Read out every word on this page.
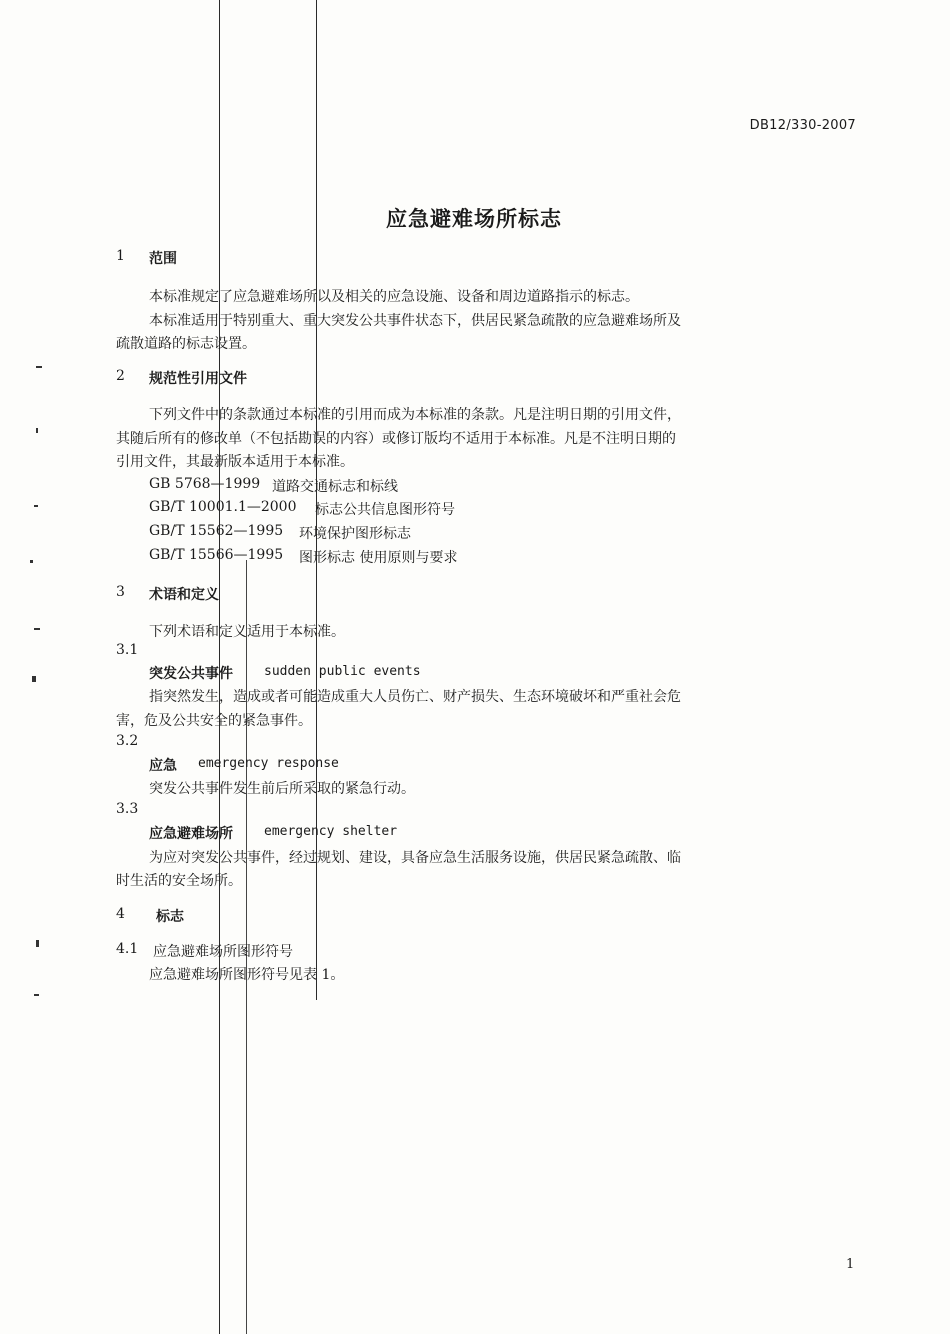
DB12/330-2007
应急避难场所标志
1 范围
本标准规定了应急避难场所以及相关的应急设施、设备和周边道路指示的标志。
本标准适用于特别重大、重大突发公共事件状态下，供居民紧急疏散的应急避难场所及
疏散道路的标志设置。
2 规范性引用文件
下列文件中的条款通过本标准的引用而成为本标准的条款。凡是注明日期的引用文件，
其随后所有的修改单（不包括勘误的内容）或修订版均不适用于本标准。凡是不注明日期的
引用文件，其最新版本适用于本标准。
GB 5768—1999 道路交通标志和标线
GB/T 10001.1—2000 标志公共信息图形符号
GB/T 15562—1995 环境保护图形标志
GB/T 15566—1995 图形标志 使用原则与要求
3 术语和定义
下列术语和定义适用于本标准。
3.1
突发公共事件 sudden public events
指突然发生，造成或者可能造成重大人员伤亡、财产损失、生态环境破坏和严重社会危
害，危及公共安全的紧急事件。
3.2
应急 emergency response
突发公共事件发生前后所采取的紧急行动。
3.3
应急避难场所 emergency shelter
为应对突发公共事件，经过规划、建设，具备应急生活服务设施，供居民紧急疏散、临
时生活的安全场所。
4 标志
4.1 应急避难场所图形符号
应急避难场所图形符号见表 1。
1
